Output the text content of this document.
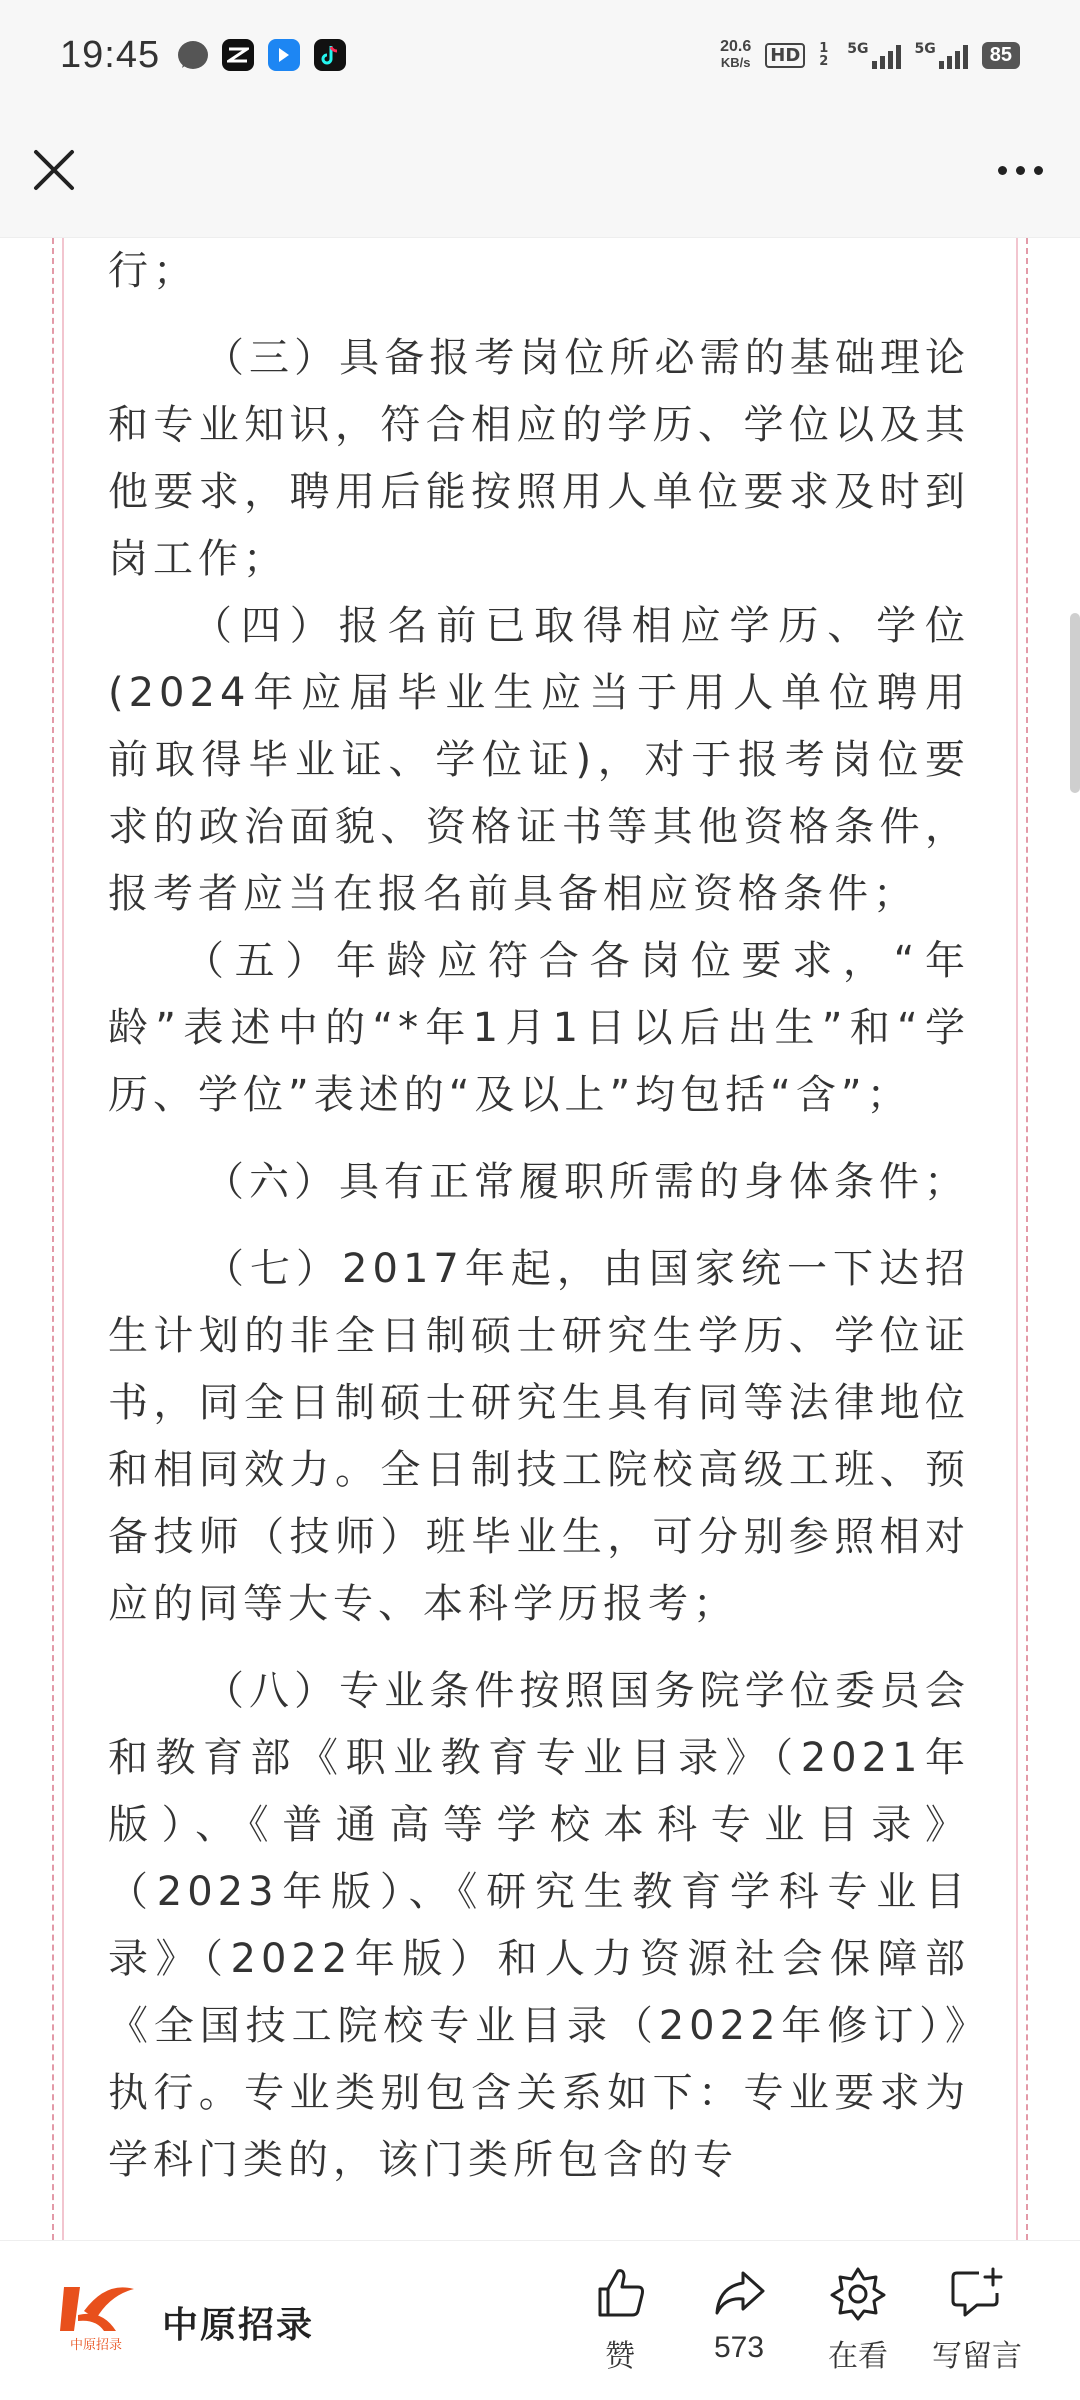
19:45	20.6
KB/s HD	1 2
5G	5G	85

行；

（三）具备报考岗位所必需的基础理论和专业知识，符合相应的学历、学位以及其他要求，聘用后能按照用人单位要求及时到岗工作；

（四）报名前已取得相应学历、学位(2024年应届毕业生应当于用人单位聘用前取得毕业证、学位证)，对于报考岗位要求的政治面貌、资格证书等其他资格条件，报考者应当在报名前具备相应资格条件；

（五）年龄应符合各岗位要求，“年龄”表述中的“*年1月1日以后出生”和“学历、学位”表述的“及以上”均包括“含”；

（六）具有正常履职所需的身体条件；

（七）2017年起，由国家统一下达招生计划的非全日制硕士研究生学历、学位证书，同全日制硕士研究生具有同等法律地位和相同效力。全日制技工院校高级工班、预备技师（技师）班毕业生，可分别参照相对应的同等大专、本科学历报考；

（八）专业条件按照国务院学位委员会和教育部《职业教育专业目录》（2021年版）、《普通高等学校本科专业目录》（2023年版）、《研究生教育学科专业目录》（2022年版）和人力资源社会保障部《全国技工院校专业目录（2022年修订）》执行。专业类别包含关系如下：专业要求为学科门类的，该门类所包含的专

中原招录 中原招录
赞	573 在看 写留言
